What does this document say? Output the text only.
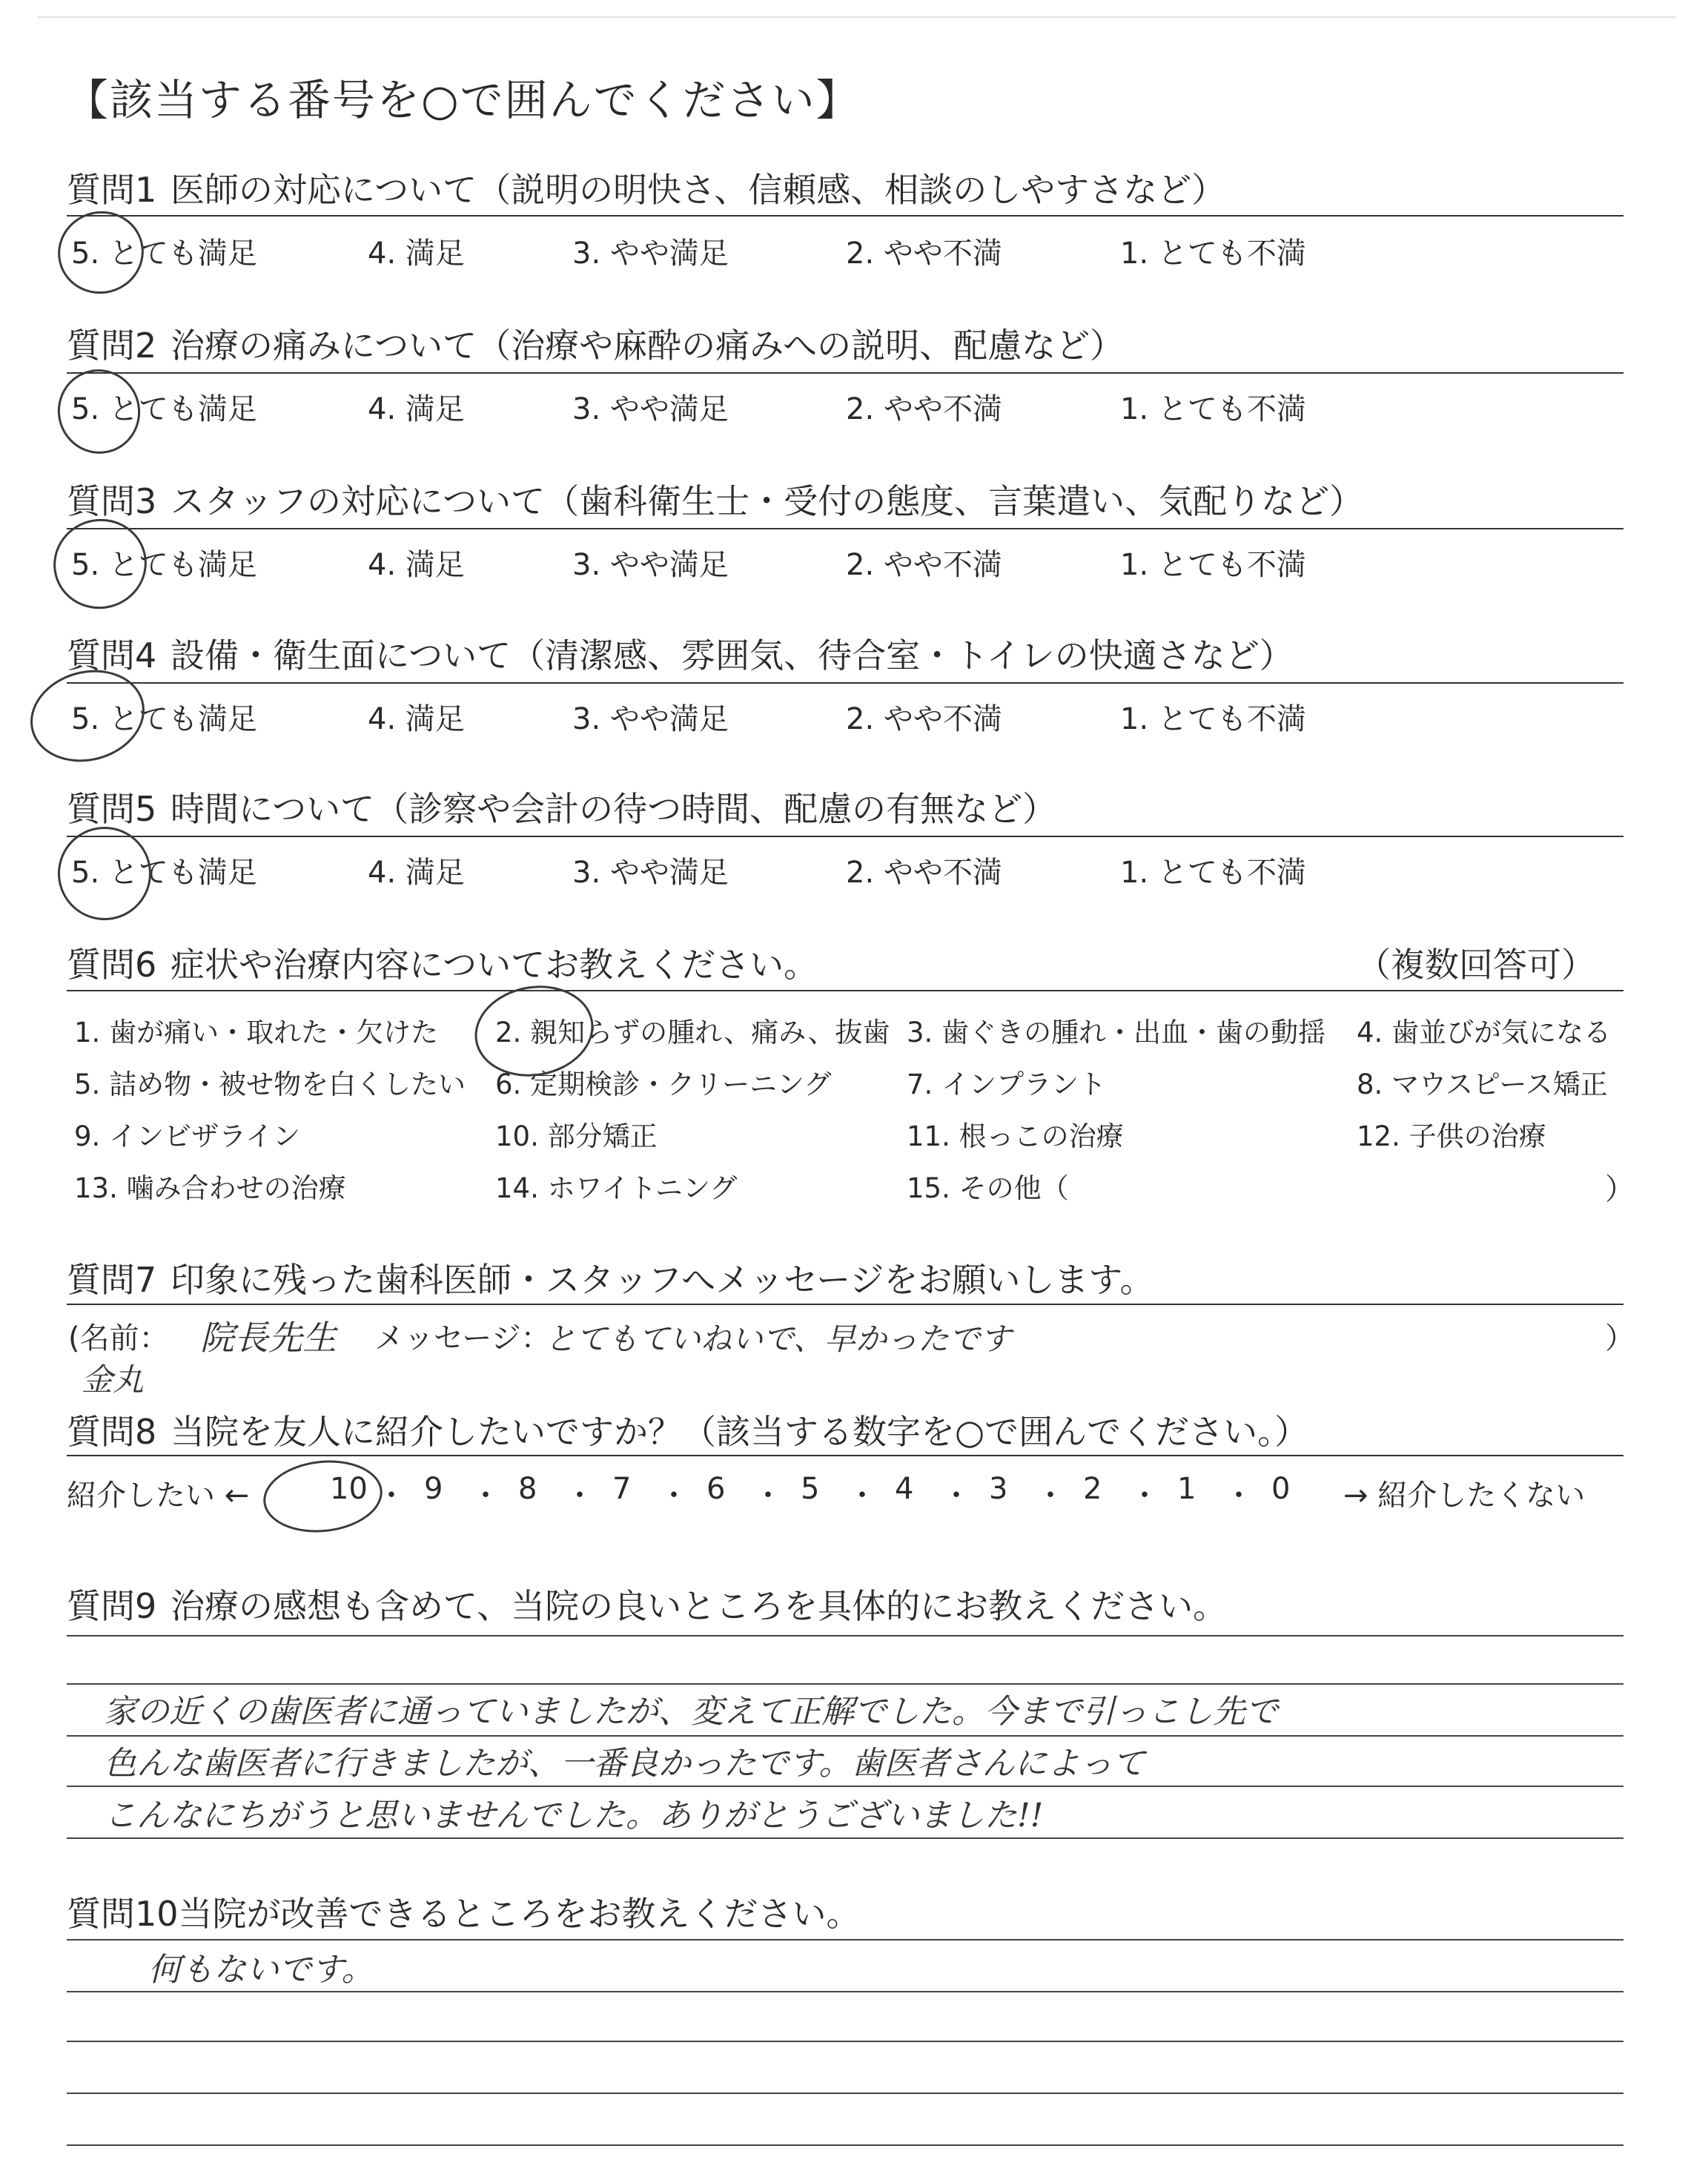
【該当する番号を○で囲んでください】
質問1 医師の対応について（説明の明快さ、信頼感、相談のしやすさなど）
5. とても満足	4. 満足	3. やや満足	2. やや不満	1. とても不満
質問2 治療の痛みについて（治療や麻酔の痛みへの説明、配慮など）
5. とても満足	4. 満足	3. やや満足	2. やや不満	1. とても不満
質問3 スタッフの対応について（歯科衛生士・受付の態度、言葉遣い、気配りなど）
5. とても満足	4. 満足	3. やや満足	2. やや不満	1. とても不満
質問4 設備・衛生面について（清潔感、雰囲気、待合室・トイレの快適さなど）
5. とても満足	4. 満足	3. やや満足	2. やや不満	1. とても不満
質問5 時間について（診察や会計の待つ時間、配慮の有無など）
5. とても満足	4. 満足	3. やや満足	2. やや不満	1. とても不満
質問6 症状や治療内容についてお教えください。	（複数回答可）
1. 歯が痛い・取れた・欠けた 2. 親知らずの腫れ、痛み、抜歯 3. 歯ぐきの腫れ・出血・歯の動揺 4. 歯並びが気になる
5. 詰め物・被せ物を白くしたい 6. 定期検診・クリーニング	7. インプラント	8. マウスピース矯正
9. インビザライン	10. 部分矯正	11. 根っこの治療	12. 子供の治療
13. 噛み合わせの治療	14. ホワイトニング	15. その他（	）
質問7 印象に残った歯科医師・スタッフへメッセージをお願いします。
(名前： 院長先生
金丸
メッセージ：
とてもていねいで、早かったです	）
質問8 当院を友人に紹介したいですか？（該当する数字を○で囲んでください。）
紹介したい ←	10 ・ 9 ・ 8 ・ 7 ・ 6 ・ 5 ・ 4 ・ 3 ・ 2 ・ 1 ・ 0 → 紹介したくない
質問9 治療の感想も含めて、当院の良いところを具体的にお教えください。
家の近くの歯医者に通っていましたが、変えて正解でした。今まで引っこし先で
色んな歯医者に行きましたが、一番良かったです。歯医者さんによって
こんなにちがうと思いませんでした。ありがとうございました!!
質問10 当院が改善できるところをお教えください。
何もないです。
